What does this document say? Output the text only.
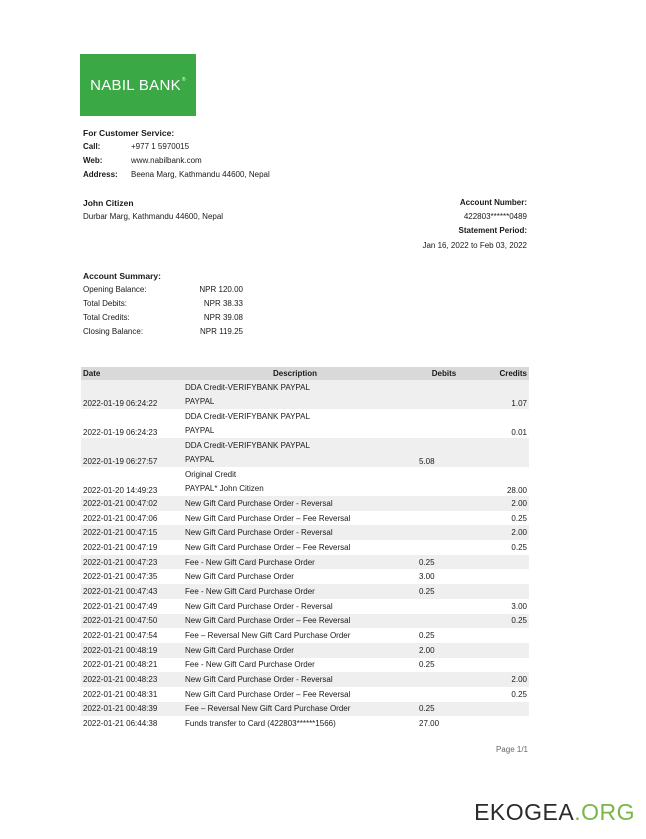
NABIL BANK®
For Customer Service:
Call:	+977 1 5970015
Web:	www.nabilbank.com
Address: Beena Marg, Kathmandu 44600, Nepal
John Citizen
Durbar Marg, Kathmandu 44600, Nepal
Account Number:
422803******0489
Statement Period:
Jan 16, 2022 to Feb 03, 2022
Account Summary:
Opening Balance:	NPR 120.00
Total Debits:	NPR 38.33
Total Credits:	NPR 39.08
Closing Balance:	NPR 119.25
Date	Description	Debits	Credits
2022-01-19 06:24:22	DDA Credit-VERIFYBANK PAYPAL
PAYPAL		1.07
2022-01-19 06:24:23	DDA Credit-VERIFYBANK PAYPAL
PAYPAL		0.01
2022-01-19 06:27:57	DDA Credit-VERIFYBANK PAYPAL
PAYPAL	5.08	
2022-01-20 14:49:23	Original Credit
PAYPAL* John Citizen		28.00
2022-01-21 00:47:02	New Gift Card Purchase Order - Reversal		2.00
2022-01-21 00:47:06	New Gift Card Purchase Order – Fee Reversal		0.25
2022-01-21 00:47:15	New Gift Card Purchase Order - Reversal		2.00
2022-01-21 00:47:19	New Gift Card Purchase Order – Fee Reversal		0.25
2022-01-21 00:47:23	Fee - New Gift Card Purchase Order	0.25	
2022-01-21 00:47:35	New Gift Card Purchase Order	3.00	
2022-01-21 00:47:43	Fee - New Gift Card Purchase Order	0.25	
2022-01-21 00:47:49	New Gift Card Purchase Order - Reversal		3.00
2022-01-21 00:47:50	New Gift Card Purchase Order – Fee Reversal		0.25
2022-01-21 00:47:54	Fee – Reversal New Gift Card Purchase Order	0.25	
2022-01-21 00:48:19	New Gift Card Purchase Order	2.00	
2022-01-21 00:48:21	Fee - New Gift Card Purchase Order	0.25	
2022-01-21 00:48:23	New Gift Card Purchase Order - Reversal		2.00
2022-01-21 00:48:31	New Gift Card Purchase Order – Fee Reversal		0.25
2022-01-21 00:48:39	Fee – Reversal New Gift Card Purchase Order	0.25	
2022-01-21 06:44:38	Funds transfer to Card (422803******1566)	27.00	
Page 1/1
EKOGEA.ORG
